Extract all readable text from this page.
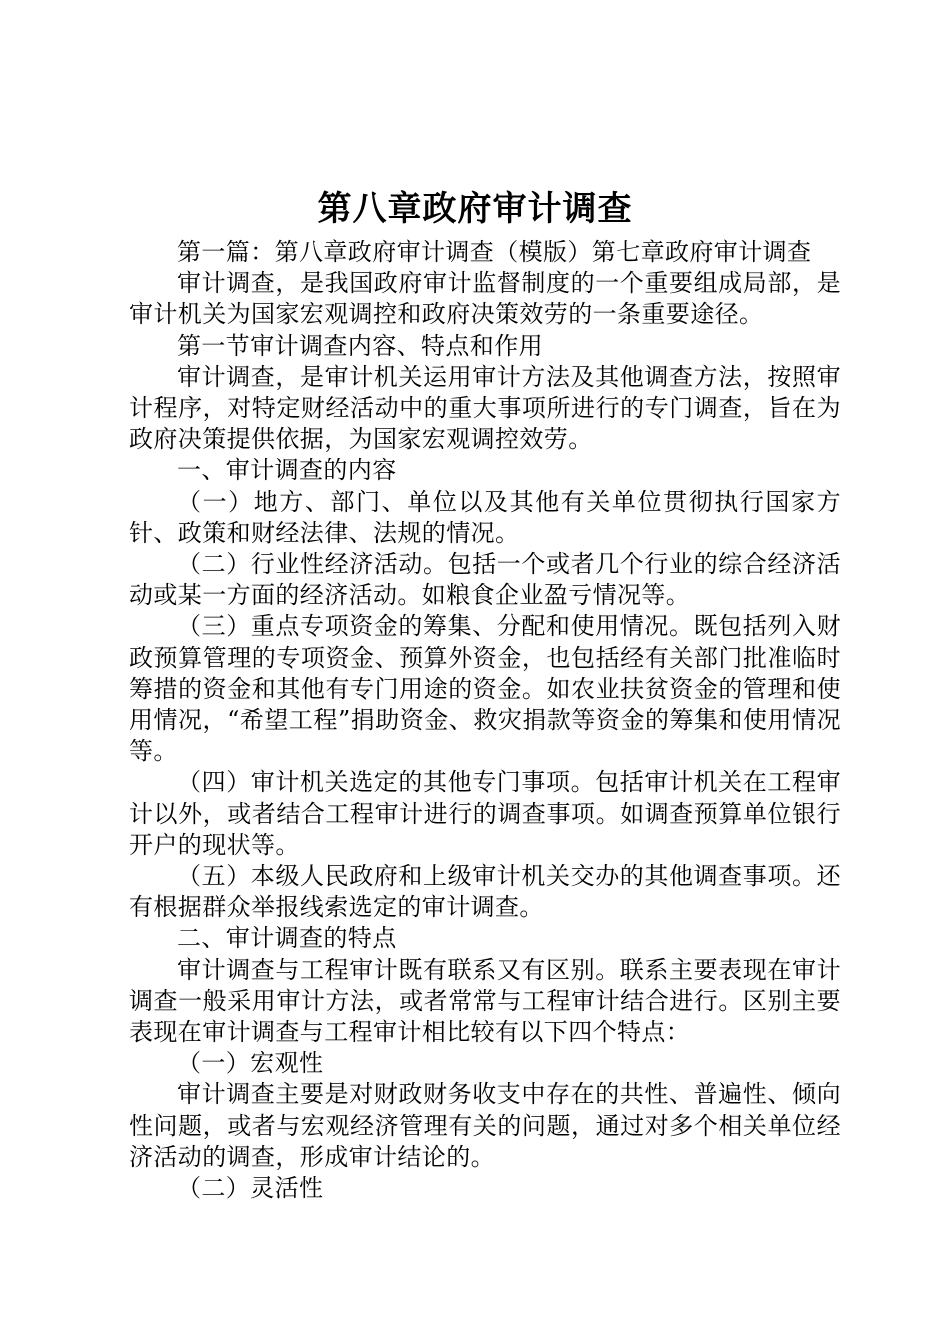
第八章政府审计调查

第一篇：第八章政府审计调查（模版）第七章政府审计调查

审计调查，是我国政府审计监督制度的一个重要组成局部，是审计机关为国家宏观调控和政府决策效劳的一条重要途径。

第一节审计调查内容、特点和作用

审计调查，是审计机关运用审计方法及其他调查方法，按照审计程序，对特定财经活动中的重大事项所进行的专门调查，旨在为政府决策提供依据，为国家宏观调控效劳。

一、审计调查的内容

（一）地方、部门、单位以及其他有关单位贯彻执行国家方针、政策和财经法律、法规的情况。

（二）行业性经济活动。包括一个或者几个行业的综合经济活动或某一方面的经济活动。如粮食企业盈亏情况等。

（三）重点专项资金的筹集、分配和使用情况。既包括列入财政预算管理的专项资金、预算外资金，也包括经有关部门批准临时筹措的资金和其他有专门用途的资金。如农业扶贫资金的管理和使用情况，“希望工程”捐助资金、救灾捐款等资金的筹集和使用情况等。

（四）审计机关选定的其他专门事项。包括审计机关在工程审计以外，或者结合工程审计进行的调查事项。如调查预算单位银行开户的现状等。

（五）本级人民政府和上级审计机关交办的其他调查事项。还有根据群众举报线索选定的审计调查。

二、审计调查的特点

审计调查与工程审计既有联系又有区别。联系主要表现在审计调查一般采用审计方法，或者常常与工程审计结合进行。区别主要表现在审计调查与工程审计相比较有以下四个特点：

（一）宏观性

审计调查主要是对财政财务收支中存在的共性、普遍性、倾向性问题，或者与宏观经济管理有关的问题，通过对多个相关单位经济活动的调查，形成审计结论的。

（二）灵活性
